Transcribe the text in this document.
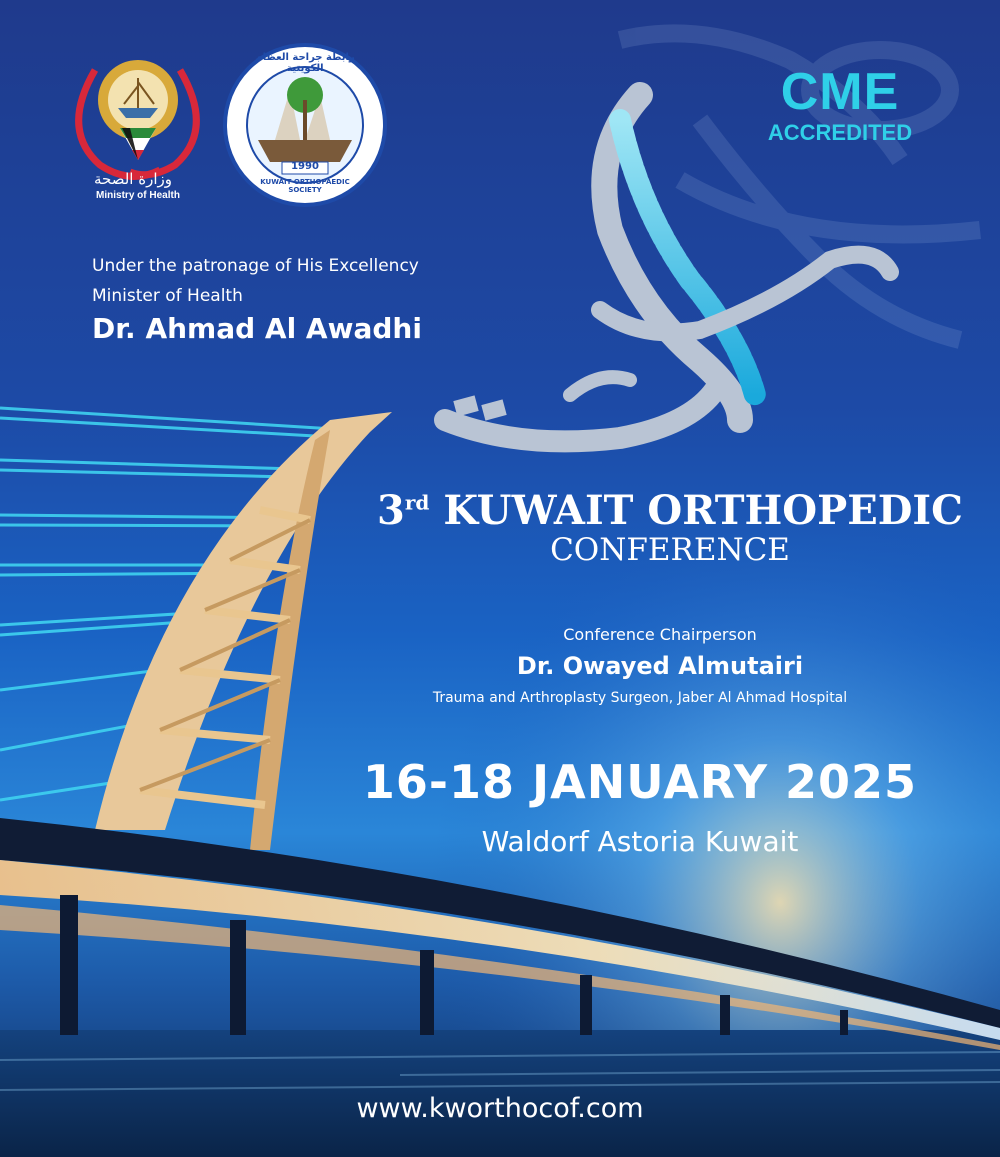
Ministry of Health
وزارة الصحة
1990
KUWAIT ORTHOPAEDIC SOCIETY
رابطة جراحة العظام الكويتية	CME
ACCREDITED
Under the patronage of His Excellency
Minister of Health
Dr. Ahmad Al Awadhi
3rd KUWAIT ORTHOPEDIC
CONFERENCE
Conference Chairperson
Dr. Owayed Almutairi
Trauma and Arthroplasty Surgeon, Jaber Al Ahmad Hospital
16-18 JANUARY 2025
Waldorf Astoria Kuwait
www.kworthocof.com
